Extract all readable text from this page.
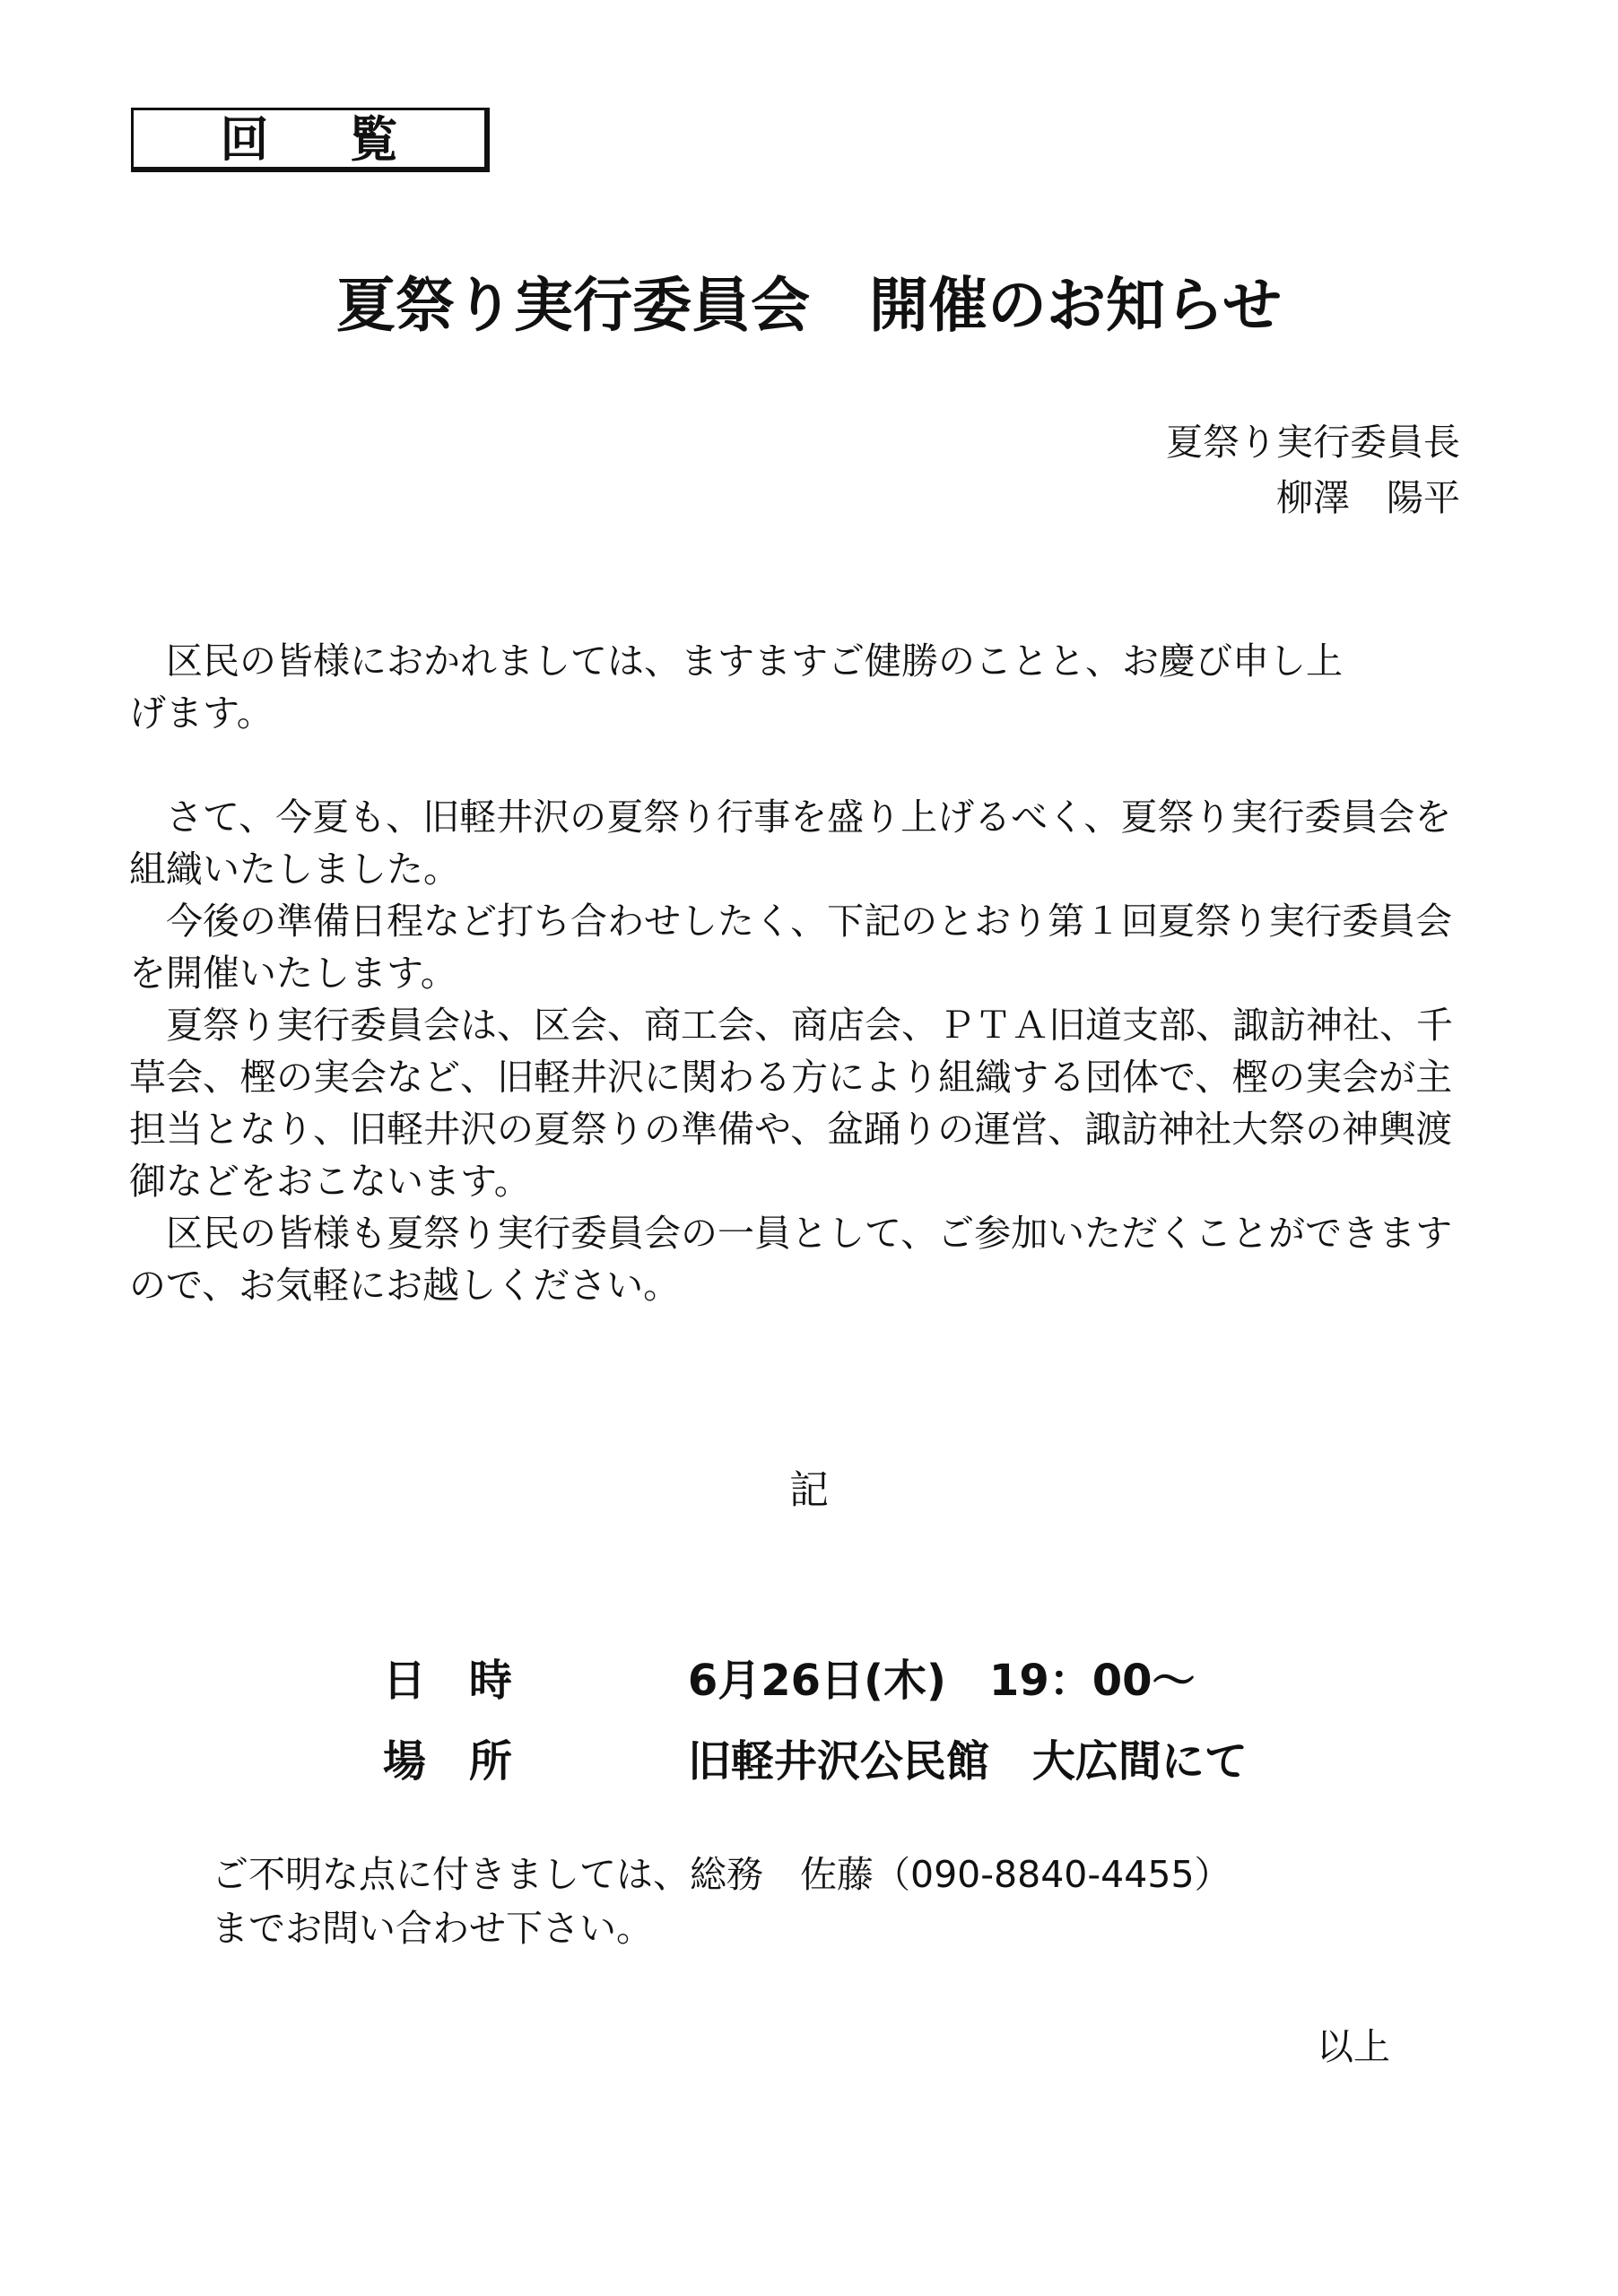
回覧
夏祭り実行委員会　開催のお知らせ
夏祭り実行委員長
柳澤　陽平

区民の皆様におかれましては、ますますご健勝のことと、お慶び申し上
げます。

さて、今夏も、旧軽井沢の夏祭り行事を盛り上げるべく、夏祭り実行委員会を組織いたしました。

今後の準備日程など打ち合わせしたく、下記のとおり第１回夏祭り実行委員会を開催いたします。

夏祭り実行委員会は、区会、商工会、商店会、ＰＴＡ旧道支部、諏訪神社、千草会、樫の実会など、旧軽井沢に関わる方により組織する団体で、樫の実会が主担当となり、旧軽井沢の夏祭りの準備や、盆踊りの運営、諏訪神社大祭の神輿渡御などをおこないます。

区民の皆様も夏祭り実行委員会の一員として、ご参加いただくことができますので、お気軽にお越しください。

記

日　時	6月26日(木)　19：00～

場　所	旧軽井沢公民館　大広間にて

ご不明な点に付きましては、総務　佐藤（090-8840-4455）
までお問い合わせ下さい。
以上
